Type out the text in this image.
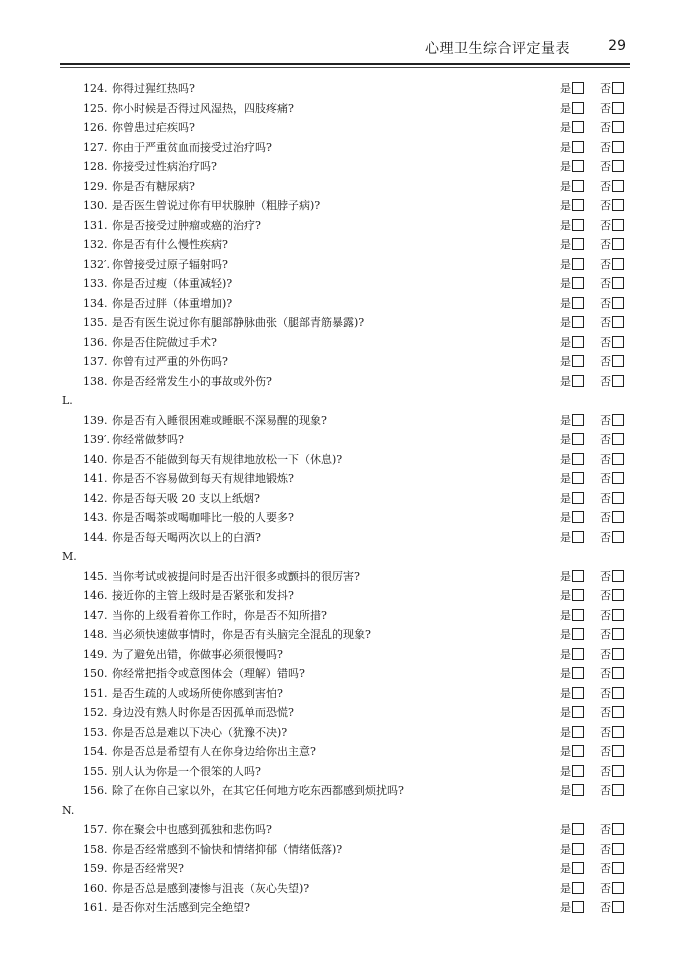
心理卫生综合评定量表	29
124. 你得过猩红热吗?	是	否
125. 你小时候是否得过风湿热，四肢疼痛?	是	否
126. 你曾患过疟疾吗?	是	否
127. 你由于严重贫血而接受过治疗吗?	是	否
128. 你接受过性病治疗吗?	是	否
129. 你是否有糖尿病?	是	否
130. 是否医生曾说过你有甲状腺肿（粗脖子病)?	是	否
131. 你是否接受过肿瘤或癌的治疗?	是	否
132. 你是否有什么慢性疾病?	是	否
132′. 你曾接受过原子辐射吗?	是	否
133. 你是否过瘦（体重减轻)?	是	否
134. 你是否过胖（体重增加)?	是	否
135. 是否有医生说过你有腿部静脉曲张（腿部青筋暴露)?	是	否
136. 你是否住院做过手术?	是	否
137. 你曾有过严重的外伤吗?	是	否
138. 你是否经常发生小的事故或外伤?	是	否
L.
139. 你是否有入睡很困难或睡眠不深易醒的现象?	是	否
139′. 你经常做梦吗?	是	否
140. 你是否不能做到每天有规律地放松一下（休息)?	是	否
141. 你是否不容易做到每天有规律地锻炼?	是	否
142. 你是否每天吸 20 支以上纸烟?	是	否
143. 你是否喝茶或喝咖啡比一般的人要多?	是	否
144. 你是否每天喝两次以上的白酒?	是	否
M.
145. 当你考试或被提问时是否出汗很多或颤抖的很厉害?	是	否
146. 接近你的主管上级时是否紧张和发抖?	是	否
147. 当你的上级看着你工作时，你是否不知所措?	是	否
148. 当必须快速做事情时，你是否有头脑完全混乱的现象?	是	否
149. 为了避免出错，你做事必须很慢吗?	是	否
150. 你经常把指令或意图体会（理解）错吗?	是	否
151. 是否生疏的人或场所使你感到害怕?	是	否
152. 身边没有熟人时你是否因孤单而恐慌?	是	否
153. 你是否总是难以下决心（犹豫不决)?	是	否
154. 你是否总是希望有人在你身边给你出主意?	是	否
155. 别人认为你是一个很笨的人吗?	是	否
156. 除了在你自己家以外，在其它任何地方吃东西都感到烦扰吗?	是	否
N.
157. 你在聚会中也感到孤独和悲伤吗?	是	否
158. 你是否经常感到不愉快和情绪抑郁（情绪低落)?	是	否
159. 你是否经常哭?	是	否
160. 你是否总是感到凄惨与沮丧（灰心失望)?	是	否
161. 是否你对生活感到完全绝望?	是	否
